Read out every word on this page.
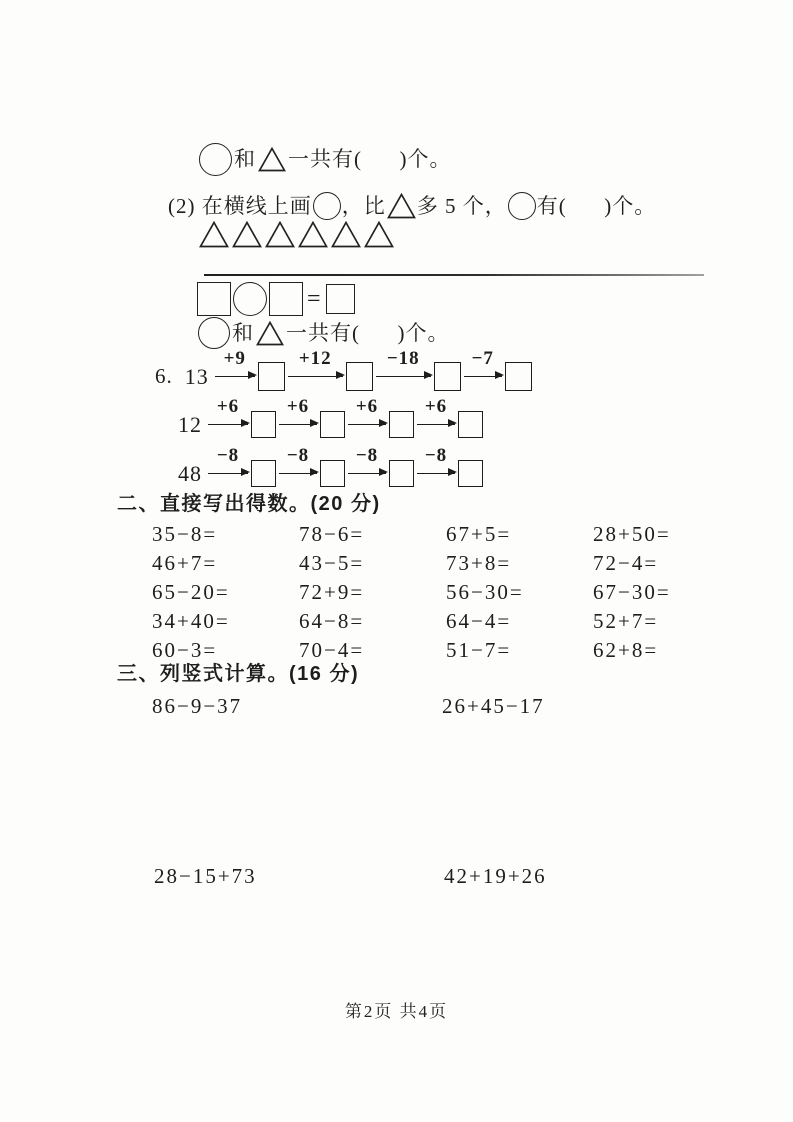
和 一共有(      )个。
(2) 在横线上画 ，比 多 5 个， 有(      )个。
=
和 一共有(      )个。
6. 13
+9	+12	−18	−7
12
+6	+6 +6 +6
48
−8	−8 −8 −8
二、直接写出得数。(20 分)
35−8=	78−6=	67+5=	28+50=
46+7=	43−5=	73+8=	72−4=
65−20=	72+9=	56−30=	67−30=
34+40=	64−8=	64−4=	52+7=
60−3=	70−4=	51−7=	62+8=
三、列竖式计算。(16 分)
86−9−37	26+45−17
28−15+73	42+19+26
第2页 共4页
